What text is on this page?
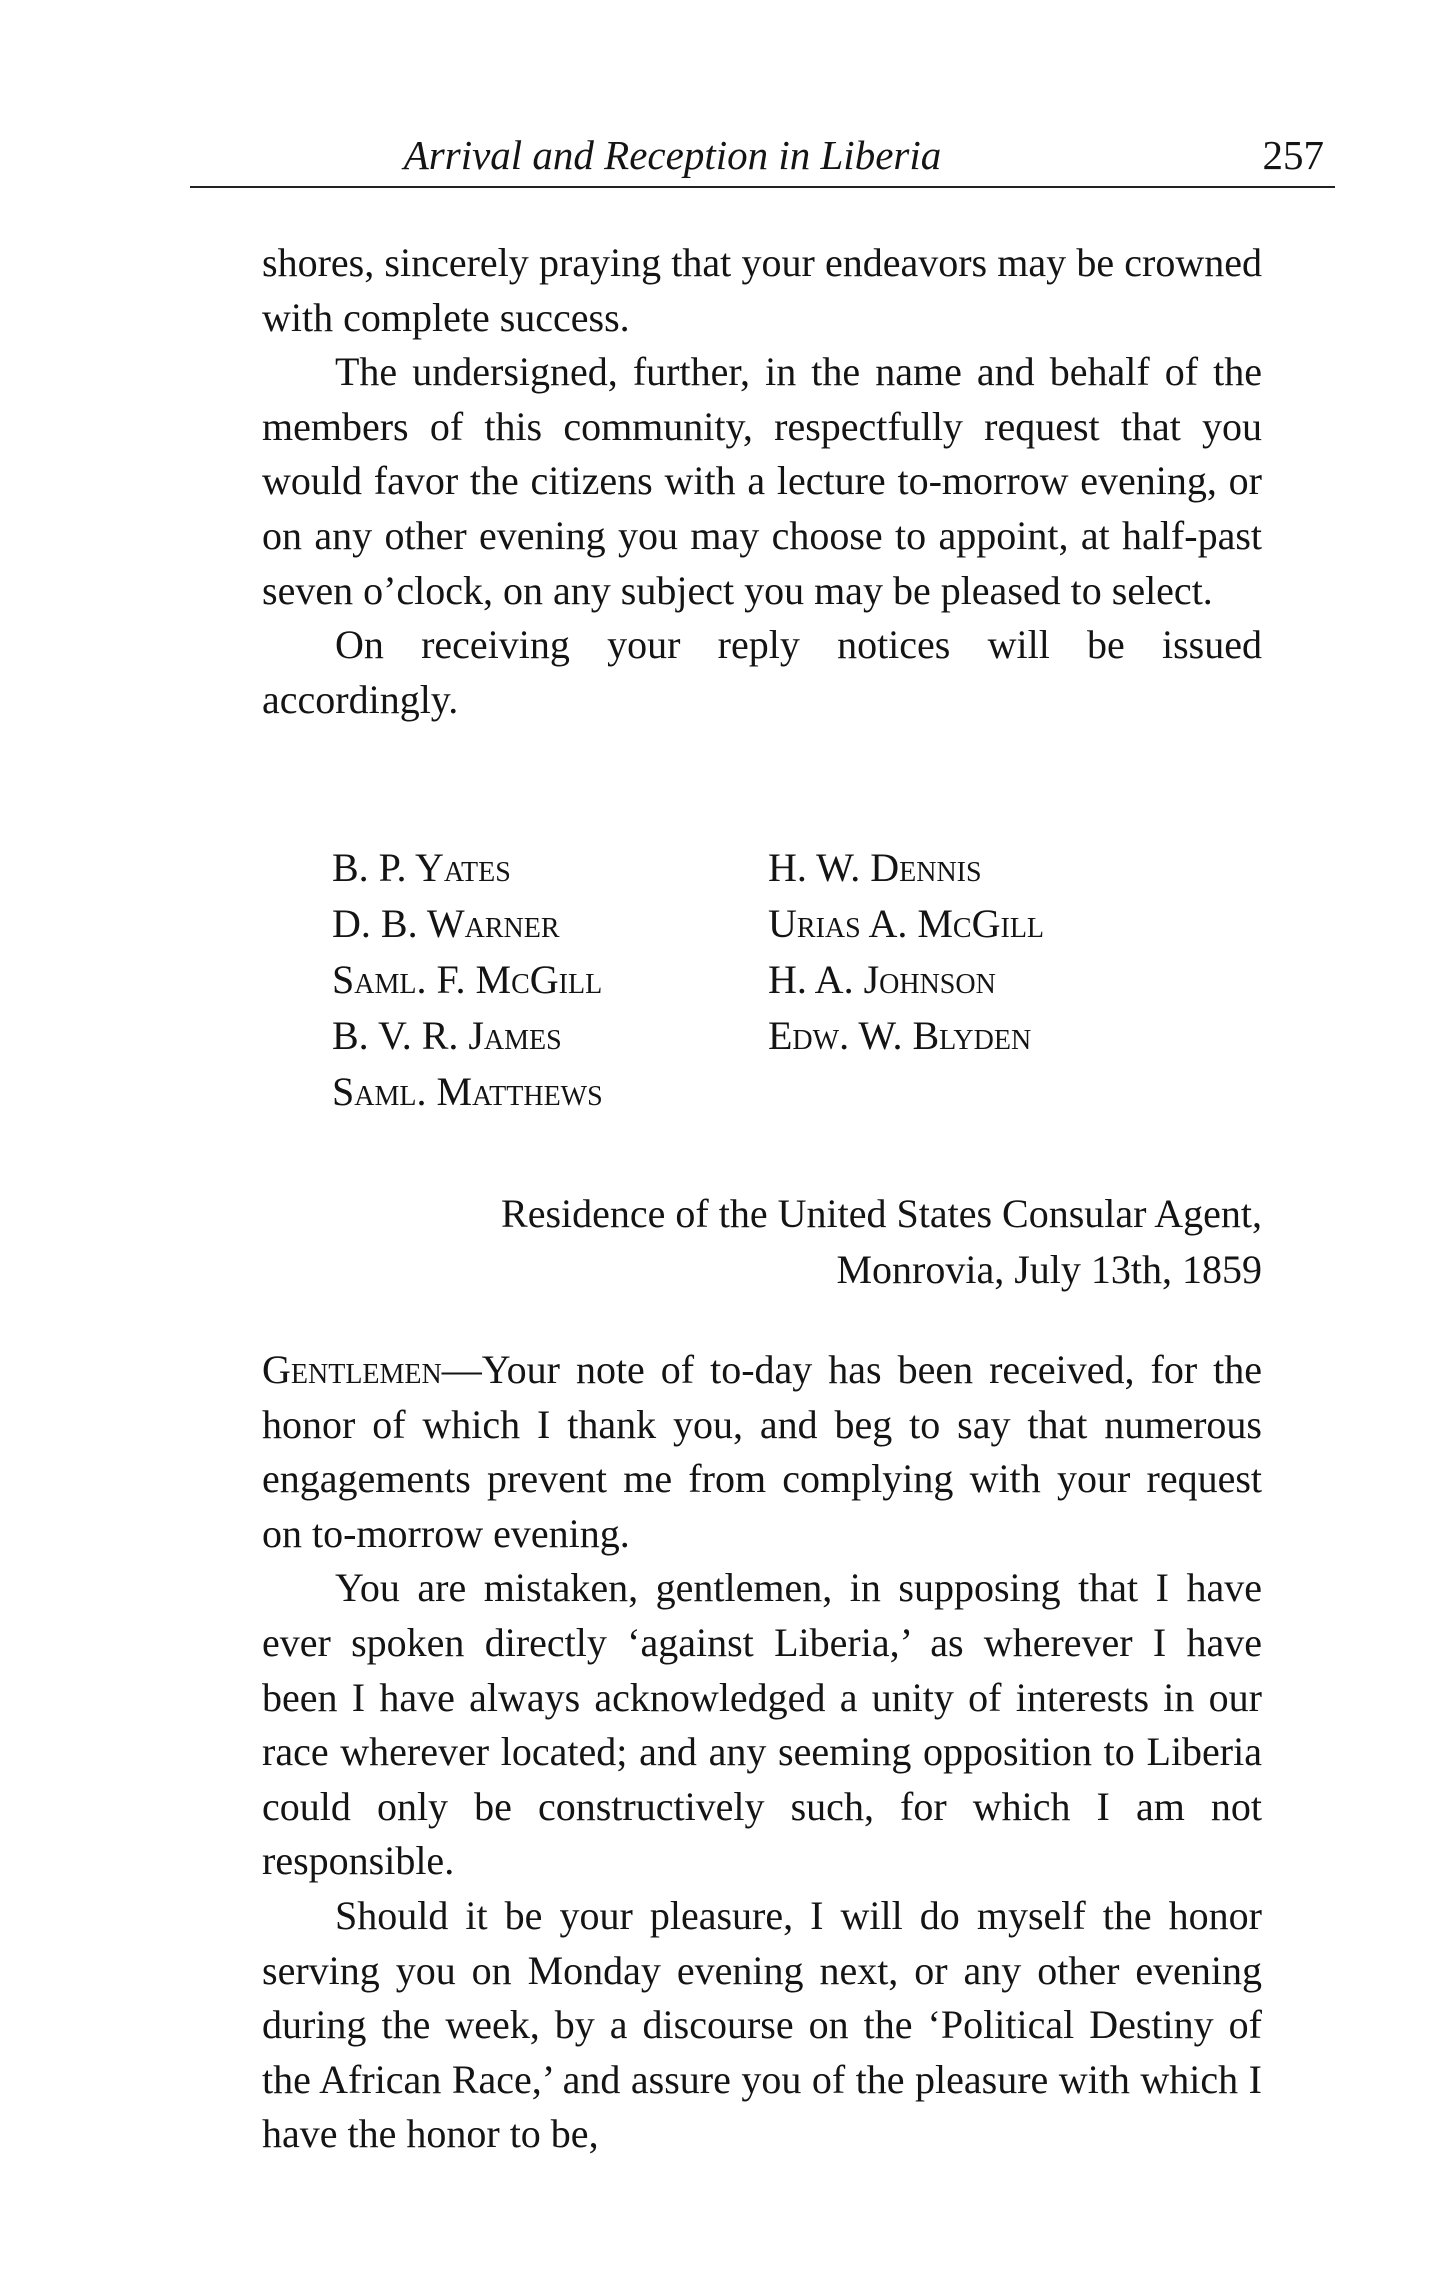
Arrival and Reception in Liberia	257

shores, sincerely praying that your endeavors may be crowned with complete success.

The undersigned, further, in the name and behalf of the members of this community, respectfully request that you would favor the citizens with a lecture to-morrow evening, or on any other evening you may choose to appoint, at half-past seven o’clock, on any subject you may be pleased to select.

On receiving your reply notices will be issued accordingly.

B. P. Yates
D. B. Warner
Saml. F. McGill
B. V. R. James
Saml. Matthews
H. W. Dennis
Urias A. McGill
H. A. Johnson
Edw. W. Blyden
Residence of the United States Consular Agent,
Monrovia, July 13th, 1859

Gentlemen—Your note of to-day has been received, for the honor of which I thank you, and beg to say that numerous engagements prevent me from complying with your request on to-morrow evening.

You are mistaken, gentlemen, in supposing that I have ever spoken directly ‘against Liberia,’ as wherever I have been I have always acknowledged a unity of interests in our race wherever located; and any seeming opposition to Liberia could only be constructively such, for which I am not responsible.

Should it be your pleasure, I will do myself the honor serving you on Monday evening next, or any other evening during the week, by a discourse on the ‘Political Destiny of the African Race,’ and assure you of the pleasure with which I have the honor to be,
